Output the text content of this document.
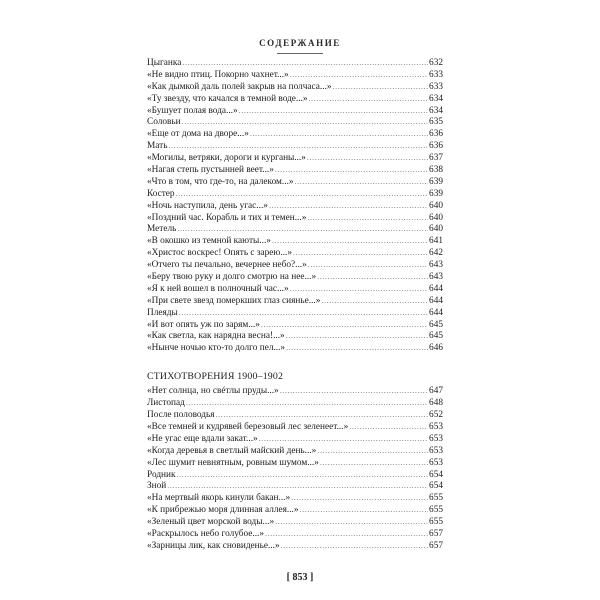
СОДЕРЖАНИЕ
Цыганка .....	632
«Не видно птиц. Покорно чахнет...» .....	633
«Как дымкой даль полей закрыв на полчаса...» .....	633
«Ту звезду, что качался в темной воде...» .....	634
«Бушует полая вода...» .....	634
Соловьи .....	635
«Еще от дома на дворе...» .....	636
Мать .....	636
«Могилы, ветряки, дороги и курганы...» .....	637
«Нагая степь пустынней веет...» .....	638
«Что в том, что где-то, на далеком...» .....	639
Костер .....	639
«Ночь наступила, день угас...» .....	640
«Поздний час. Корабль и тих и темен...» .....	640
Метель .....	640
«В окошко из темной каюты...» .....	641
«Христос воскрес! Опять с зарею...» .....	642
«Отчего ты печально, вечернее небо?...» .....	643
«Беру твою руку и долго смотрю на нее...» .....	643
«Я к ней вошел в полночный час...» .....	644
«При свете звезд померкших глаз сиянье...» .....	644
Плеяды .....	644
«И вот опять уж по зарям...» .....	645
«Как светла, как нарядна весна!...» .....	645
«Нынче ночью кто-то долго пел...» .....	646
СТИХОТВОРЕНИЯ 1900–1902
«Нет солнца, но свéтлы пруды...» .....	647
Листопад .....	648
После половодья .....	652
«Все темней и кудрявей березовый лес зеленеет...» .....	653
«Не угас еще вдали закат...» .....	653
«Когда деревья в светлый майский день...» .....	653
«Лес шумит невнятным, ровным шумом...» .....	653
Родник .....	654
Зной .....	654
«На мертвый якорь кинули бакан...» .....	655
«К прибрежью моря длинная аллея...» .....	655
«Зеленый цвет морской воды...» .....	655
«Раскрылось небо голубое...» .....	657
«Зарницы лик, как сновиденье...» .....	657
[ 853 ]
